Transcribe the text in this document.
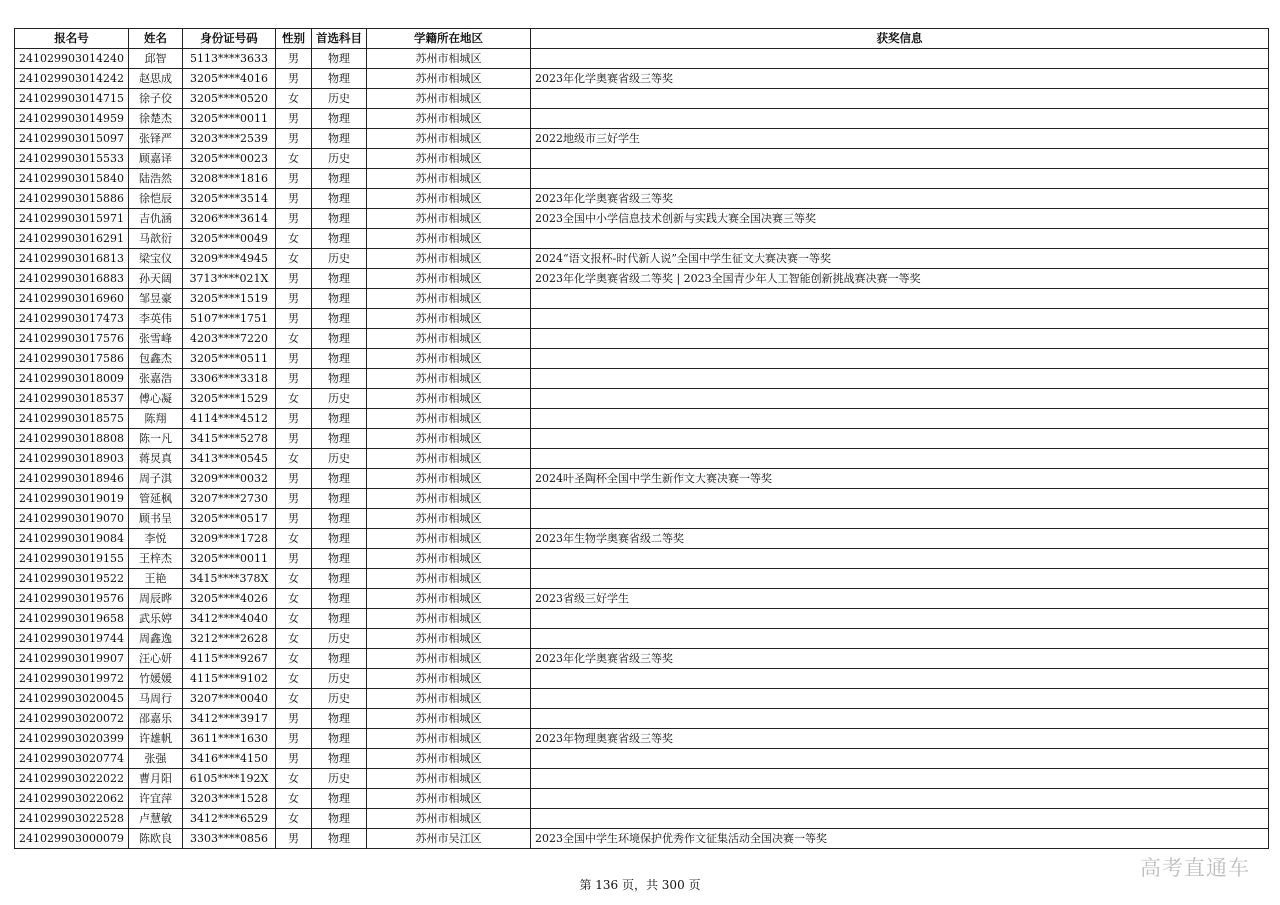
报名号	姓名	身份证号码	性别	首选科目	学籍所在地区	获奖信息
241029903014240	邱智	5113****3633	男	物理	苏州市相城区	
241029903014242	赵思成	3205****4016	男	物理	苏州市相城区	2023年化学奥赛省级三等奖
241029903014715	徐子佼	3205****0520	女	历史	苏州市相城区	
241029903014959	徐楚杰	3205****0011	男	物理	苏州市相城区	
241029903015097	张铎严	3203****2539	男	物理	苏州市相城区	2022地级市三好学生
241029903015533	顾嘉译	3205****0023	女	历史	苏州市相城区	
241029903015840	陆浩然	3208****1816	男	物理	苏州市相城区	
241029903015886	徐恺辰	3205****3514	男	物理	苏州市相城区	2023年化学奥赛省级三等奖
241029903015971	吉仇涵	3206****3614	男	物理	苏州市相城区	2023全国中小学信息技术创新与实践大赛全国决赛三等奖
241029903016291	马歆衍	3205****0049	女	物理	苏州市相城区	
241029903016813	梁宝仪	3209****4945	女	历史	苏州市相城区	2024“语文报杯-时代新人说”全国中学生征文大赛决赛一等奖
241029903016883	孙天阔	3713****021X	男	物理	苏州市相城区	2023年化学奥赛省级二等奖 | 2023全国青少年人工智能创新挑战赛决赛一等奖
241029903016960	邹昱豪	3205****1519	男	物理	苏州市相城区	
241029903017473	李英伟	5107****1751	男	物理	苏州市相城区	
241029903017576	张雪峰	4203****7220	女	物理	苏州市相城区	
241029903017586	包鑫杰	3205****0511	男	物理	苏州市相城区	
241029903018009	张嘉浩	3306****3318	男	物理	苏州市相城区	
241029903018537	傅心凝	3205****1529	女	历史	苏州市相城区	
241029903018575	陈翔	4114****4512	男	物理	苏州市相城区	
241029903018808	陈一凡	3415****5278	男	物理	苏州市相城区	
241029903018903	蒋炅真	3413****0545	女	历史	苏州市相城区	
241029903018946	周子淇	3209****0032	男	物理	苏州市相城区	2024叶圣陶杯全国中学生新作文大赛决赛一等奖
241029903019019	管延枫	3207****2730	男	物理	苏州市相城区	
241029903019070	顾书呈	3205****0517	男	物理	苏州市相城区	
241029903019084	李悦	3209****1728	女	物理	苏州市相城区	2023年生物学奥赛省级二等奖
241029903019155	王梓杰	3205****0011	男	物理	苏州市相城区	
241029903019522	王艳	3415****378X	女	物理	苏州市相城区	
241029903019576	周辰晔	3205****4026	女	物理	苏州市相城区	2023省级三好学生
241029903019658	武乐婷	3412****4040	女	物理	苏州市相城区	
241029903019744	周鑫逸	3212****2628	女	历史	苏州市相城区	
241029903019907	汪心妍	4115****9267	女	物理	苏州市相城区	2023年化学奥赛省级三等奖
241029903019972	竹媛媛	4115****9102	女	历史	苏州市相城区	
241029903020045	马周行	3207****0040	女	历史	苏州市相城区	
241029903020072	邵嘉乐	3412****3917	男	物理	苏州市相城区	
241029903020399	许雄帆	3611****1630	男	物理	苏州市相城区	2023年物理奥赛省级三等奖
241029903020774	张强	3416****4150	男	物理	苏州市相城区	
241029903022022	曹月阳	6105****192X	女	历史	苏州市相城区	
241029903022062	许宜萍	3203****1528	女	物理	苏州市相城区	
241029903022528	卢慧敏	3412****6529	女	物理	苏州市相城区	
241029903000079	陈欧良	3303****0856	男	物理	苏州市吴江区	2023全国中学生环境保护优秀作文征集活动全国决赛一等奖
第 136 页，共 300 页
高考直通车
